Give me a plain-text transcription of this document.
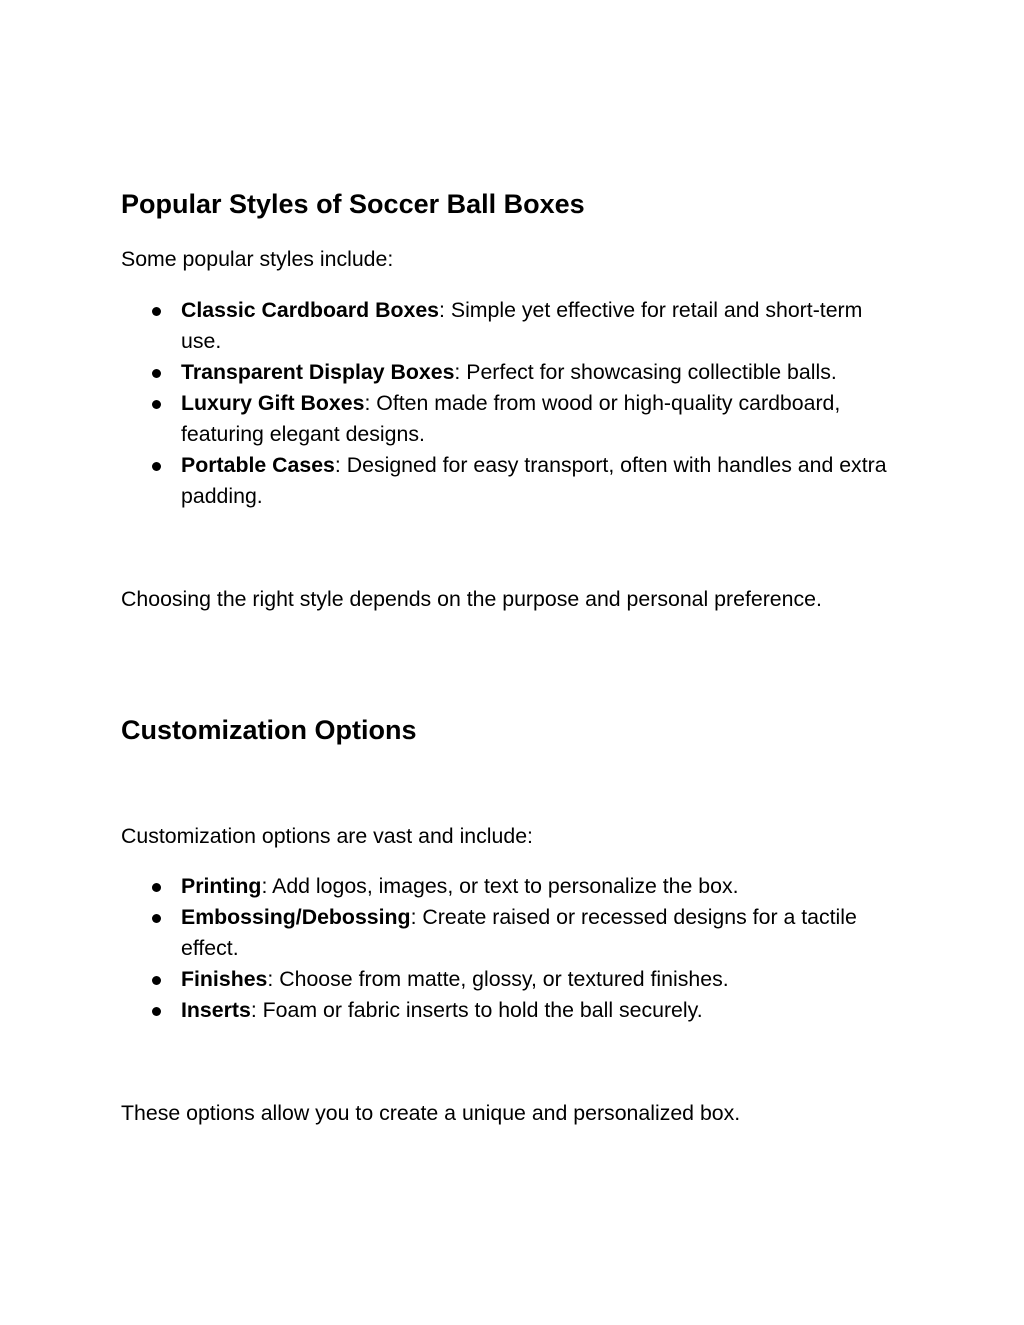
Popular Styles of Soccer Ball Boxes

Some popular styles include:

Classic Cardboard Boxes: Simple yet effective for retail and short-term use.
Transparent Display Boxes: Perfect for showcasing collectible balls.
Luxury Gift Boxes: Often made from wood or high-quality cardboard, featuring elegant designs.
Portable Cases: Designed for easy transport, often with handles and extra padding.

Choosing the right style depends on the purpose and personal preference.

Customization Options

Customization options are vast and include:

Printing: Add logos, images, or text to personalize the box.
Embossing/Debossing: Create raised or recessed designs for a tactile effect.
Finishes: Choose from matte, glossy, or textured finishes.
Inserts: Foam or fabric inserts to hold the ball securely.

These options allow you to create a unique and personalized box.
